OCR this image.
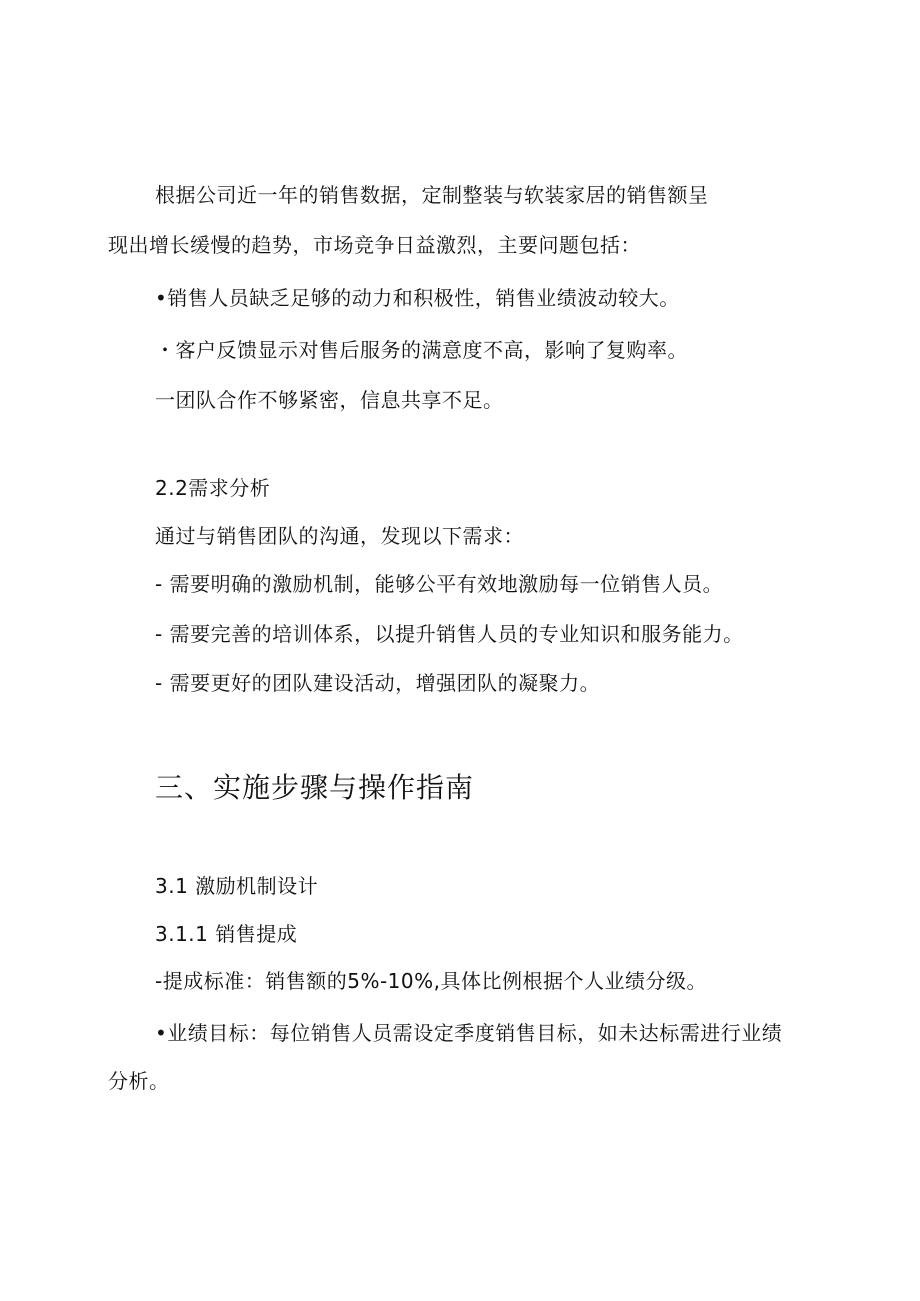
根据公司近一年的销售数据，定制整装与软装家居的销售额呈
现出增长缓慢的趋势，市场竞争日益激烈，主要问题包括：
•销售人员缺乏足够的动力和积极性，销售业绩波动较大。
・客户反馈显示对售后服务的满意度不高，影响了复购率。
一团队合作不够紧密，信息共享不足。
2.2需求分析
通过与销售团队的沟通，发现以下需求：
- 需要明确的激励机制，能够公平有效地激励每一位销售人员。
- 需要完善的培训体系，以提升销售人员的专业知识和服务能力。
- 需要更好的团队建设活动，增强团队的凝聚力。
三、实施步骤与操作指南
3.1 激励机制设计
3.1.1 销售提成
-提成标准：销售额的5%-10%,具体比例根据个人业绩分级。
•业绩目标：每位销售人员需设定季度销售目标，如未达标需进行业绩
分析。
